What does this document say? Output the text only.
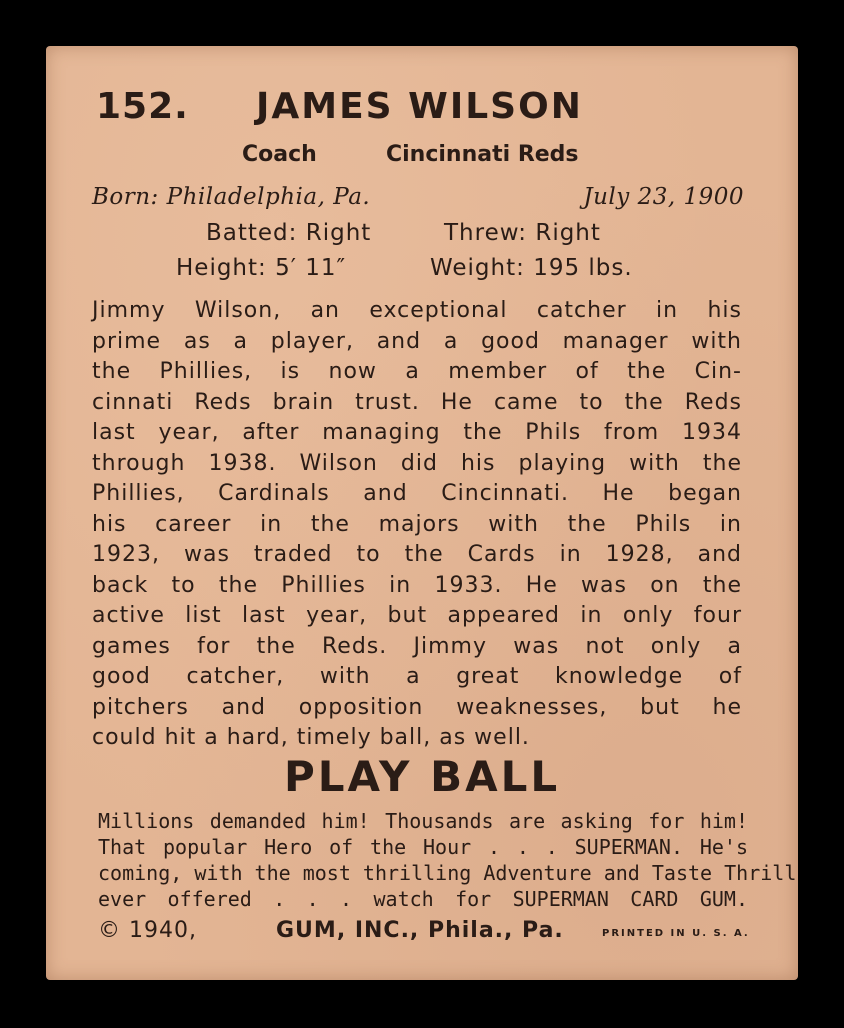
152. JAMES WILSON
Coach	Cincinnati Reds
Born: Philadelphia, Pa.	July 23, 1900
Batted: Right	Threw: Right
Height: 5′ 11″	Weight: 195 lbs.
Jimmy Wilson, an exceptional catcher in his
prime as a player, and a good manager with
the Phillies, is now a member of the Cin-
cinnati Reds brain trust. He came to the Reds
last year, after managing the Phils from 1934
through 1938. Wilson did his playing with the
Phillies, Cardinals and Cincinnati. He began
his career in the majors with the Phils in
1923, was traded to the Cards in 1928, and
back to the Phillies in 1933. He was on the
active list last year, but appeared in only four
games for the Reds. Jimmy was not only a
good catcher, with a great knowledge of
pitchers and opposition weaknesses, but he
could hit a hard, timely ball, as well.
PLAY BALL
Millions demanded him! Thousands are asking for him!
That popular Hero of the Hour . . . SUPERMAN. He's
coming, with the most thrilling Adventure and Taste Thrill
ever offered . . . watch for SUPERMAN CARD GUM.
© 1940,	GUM, INC., Phila., Pa.	PRINTED IN U. S. A.
